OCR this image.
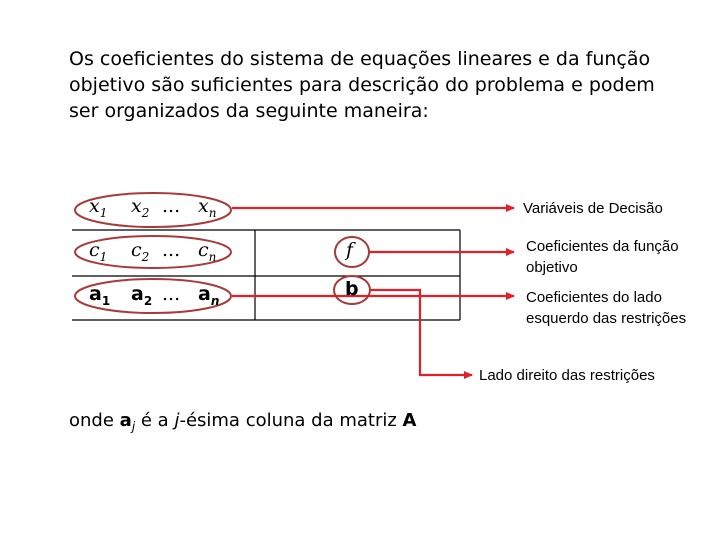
Os coeficientes do sistema de equações lineares e da função
objetivo são suficientes para descrição do problema e podem
ser organizados da seguinte maneira:
$x_1$ $x_2$ ... $x_n$
$c_1$ $c_2$ ... $c_n$	f
$a_1$ $a_2$ ... $a_n$
b
Variáveis de Decisão
Coeficientes da função
objetivo
Coeficientes do lado
esquerdo das restrições
Lado direito das restrições
onde $a_j$ é a j-ésima coluna da matriz A
